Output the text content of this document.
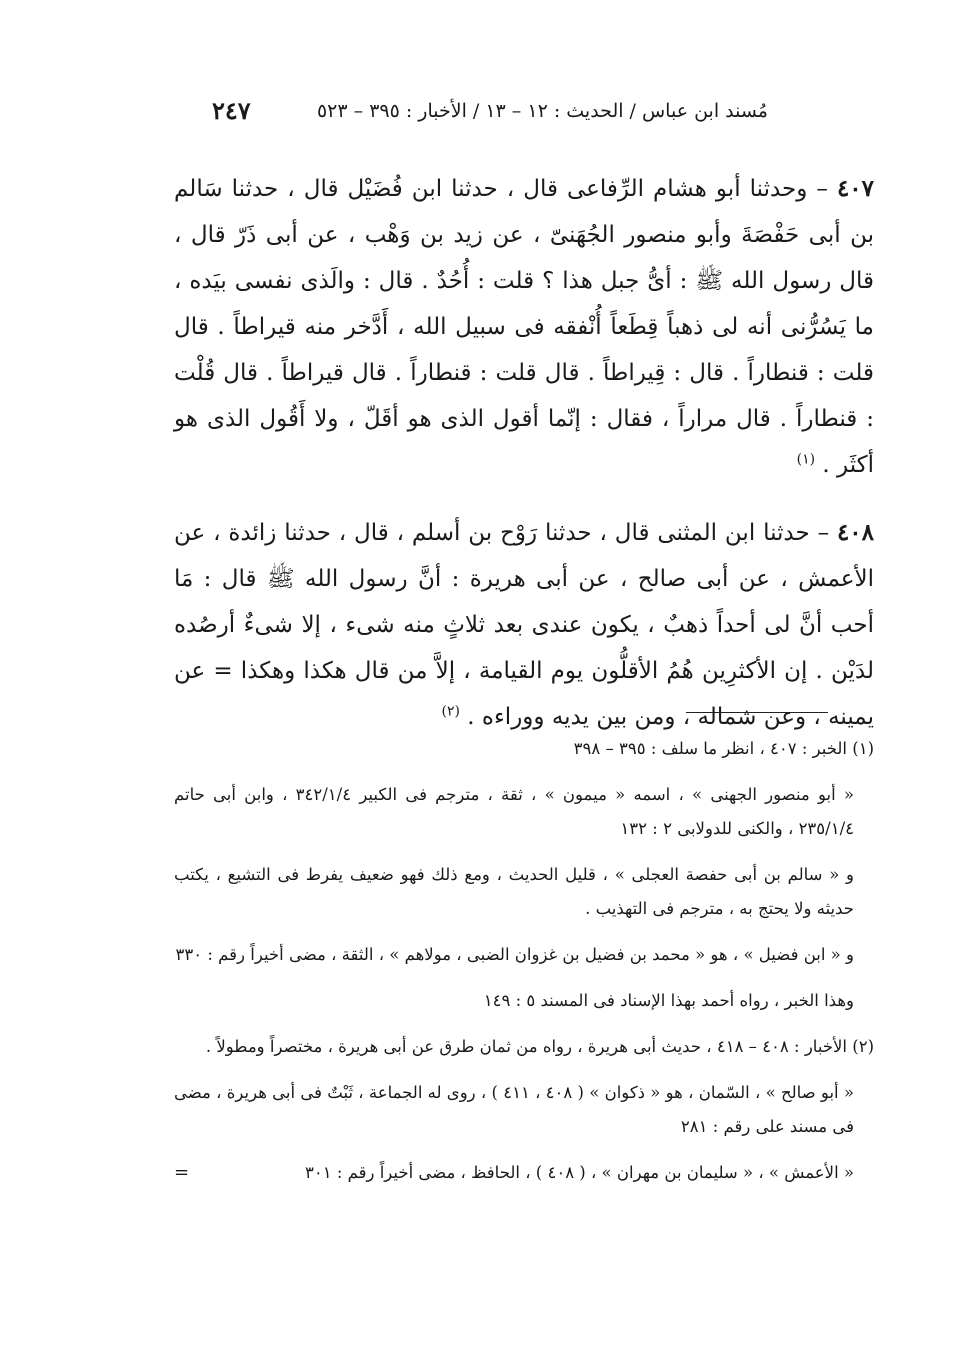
مُسند ابن عباس / الحديث : ١٢ – ١٣ / الأخبار : ٣٩٥ – ٥٢٣
٢٤٧

٤٠٧ – وحدثنا أبو هشام الرِّفاعى قال ، حدثنا ابن فُضَيْل قال ، حدثنا سَالم بن أبى حَفْصَةَ وأبو منصور الجُهَنىّ ، عن زيد بن وَهْب ، عن أبى ذَرّ قال ، قال رسول الله ﷺ : أىُّ جبل هذا ؟ قلت : أُحُدٌ . قال : والَذى نفسى بيَده ، ما يَسُرُّنى أنه لى ذهباً قِطَعاً أُنْفقه فى سبيل الله ، أَدَّخر منه قيراطاً . قال قلت : قنطاراً . قال : قِيراطاً . قال قلت : قنطاراً . قال قيراطاً . قال قُلْت : قنطاراً . قال مراراً ، فقال : إنّما أقول الذى هو أقَلّ ، ولا أَقُول الذى هو أكثَر . $^{(١)}$

٤٠٨ – حدثنا ابن المثنى قال ، حدثنا رَوْح بن أسلم ، قال ، حدثنا زائدة ، عن الأعمش ، عن أبى صالح ، عن أبى هريرة : أنَّ رسول الله ﷺ قال : مَا أحب أنَّ لى أحداً ذهبٌ ، يكون عندى بعد ثلاثٍ منه شىء ، إلا شىءٌ أرصُده لدَيْن . إن الأكثرِين هُمُ الأقلُّون يوم القيامة ، إلاَّ من قال هكذا وهكذا = عن يمينه ، وعن شماله ، ومن بين يديه ووراءه . $^{(٢)}$

(١) الخبر : ٤٠٧ ، انظر ما سلف : ٣٩٥ – ٣٩٨

« أبو منصور الجهنى » ، اسمه « ميمون » ، ثقة ، مترجم فى الكبير ٣٤٢/١/٤ ، وابن أبى حاتم ٢٣٥/١/٤ ، والكنى للدولابى ٢ : ١٣٢

و « سالم بن أبى حفصة العجلى » ، قليل الحديث ، ومع ذلك فهو ضعيف يفرط فى التشيع ، يكتب حديثه ولا يحتج به ، مترجم فى التهذيب .

و « ابن فضيل » ، هو « محمد بن فضيل بن غزوان الضبى ، مولاهم » ، الثقة ، مضى أخيراً رقم : ٣٣٠

وهذا الخبر ، رواه أحمد بهذا الإسناد فى المسند ٥ : ١٤٩

(٢) الأخبار : ٤٠٨ – ٤١٨ ، حديث أبى هريرة ، رواه من ثمان طرق عن أبى هريرة ، مختصراً ومطولاً .

« أبو صالح » ، السّمان ، هو « ذكوان » ( ٤٠٨ ، ٤١١ ) ، روى له الجماعة ، ثَبْتٌ فى أبى هريرة ، مضى فى مسند على رقم : ٢٨١

« الأعمش » ، « سليمان بن مهران » ، ( ٤٠٨ ) ، الحافظ ، مضى أخيراً رقم : ٣٠١
=
